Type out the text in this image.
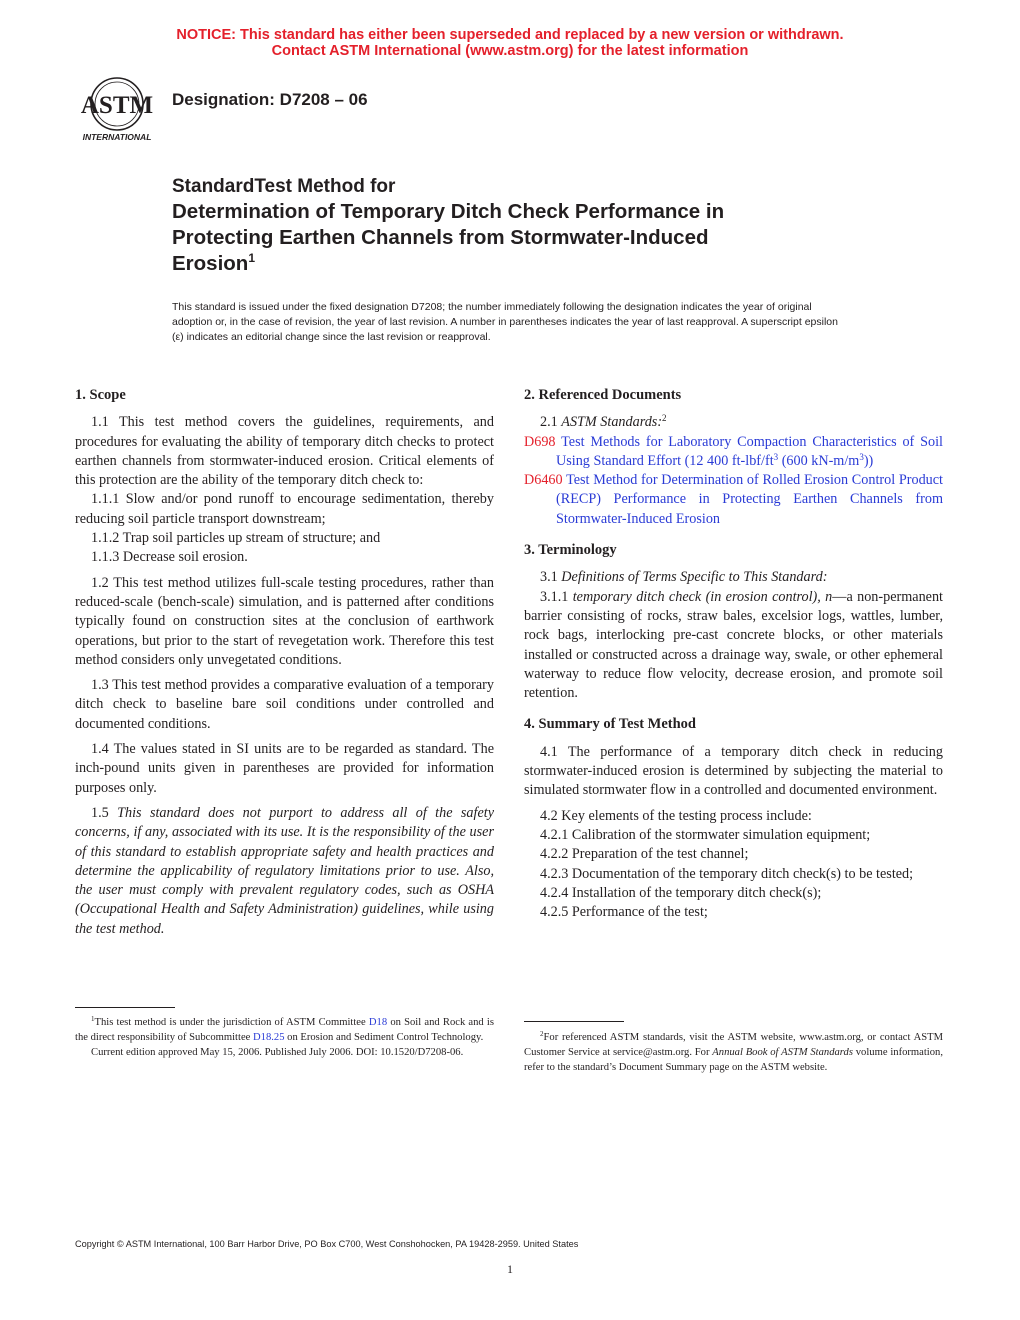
NOTICE: This standard has either been superseded and replaced by a new version or withdrawn.
Contact ASTM International (www.astm.org) for the latest information
ASTM
INTERNATIONAL
Designation: D7208 – 06
StandardTest Method for
Determination of Temporary Ditch Check Performance in
Protecting Earthen Channels from Stormwater-Induced
Erosion$^1$
This standard is issued under the fixed designation D7208; the number immediately following the designation indicates the year of original adoption or, in the case of revision, the year of last revision. A number in parentheses indicates the year of last reapproval. A superscript epsilon (ε) indicates an editorial change since the last revision or reapproval.
1. Scope

1.1 This test method covers the guidelines, requirements, and procedures for evaluating the ability of temporary ditch checks to protect earthen channels from stormwater-induced erosion. Critical elements of this protection are the ability of the temporary ditch check to:

1.1.1 Slow and/or pond runoff to encourage sedimentation, thereby reducing soil particle transport downstream;

1.1.2 Trap soil particles up stream of structure; and

1.1.3 Decrease soil erosion.

1.2 This test method utilizes full-scale testing procedures, rather than reduced-scale (bench-scale) simulation, and is patterned after conditions typically found on construction sites at the conclusion of earthwork operations, but prior to the start of revegetation work. Therefore this test method considers only unvegetated conditions.

1.3 This test method provides a comparative evaluation of a temporary ditch check to baseline bare soil conditions under controlled and documented conditions.

1.4 The values stated in SI units are to be regarded as standard. The inch-pound units given in parentheses are provided for information purposes only.

1.5 This standard does not purport to address all of the safety concerns, if any, associated with its use. It is the responsibility of the user of this standard to establish appropriate safety and health practices and determine the applicability of regulatory limitations prior to use. Also, the user must comply with prevalent regulatory codes, such as OSHA (Occupational Health and Safety Administration) guidelines, while using the test method.

2. Referenced Documents

2.1 ASTM Standards:$^2$

D698 Test Methods for Laboratory Compaction Characteristics of Soil Using Standard Effort (12 400 $ft-lbf/ft^3$ (600 $kN-m/m^3$))

D6460 Test Method for Determination of Rolled Erosion Control Product (RECP) Performance in Protecting Earthen Channels from Stormwater-Induced Erosion

3. Terminology

3.1 Definitions of Terms Specific to This Standard:

3.1.1 temporary ditch check (in erosion control), n—a non-permanent barrier consisting of rocks, straw bales, excelsior logs, wattles, lumber, rock bags, interlocking pre-cast concrete blocks, or other materials installed or constructed across a drainage way, swale, or other ephemeral waterway to reduce flow velocity, decrease erosion, and promote soil retention.

4. Summary of Test Method

4.1 The performance of a temporary ditch check in reducing stormwater-induced erosion is determined by subjecting the material to simulated stormwater flow in a controlled and documented environment.

4.2 Key elements of the testing process include:

4.2.1 Calibration of the stormwater simulation equipment;

4.2.2 Preparation of the test channel;

4.2.3 Documentation of the temporary ditch check(s) to be tested;

4.2.4 Installation of the temporary ditch check(s);

4.2.5 Performance of the test;

$^1$This test method is under the jurisdiction of ASTM Committee D18 on Soil and Rock and is the direct responsibility of Subcommittee D18.25 on Erosion and Sediment Control Technology.

Current edition approved May 15, 2006. Published July 2006. DOI: 10.1520/D7208-06.

$^2$For referenced ASTM standards, visit the ASTM website, www.astm.org, or contact ASTM Customer Service at service@astm.org. For Annual Book of ASTM Standards volume information, refer to the standard’s Document Summary page on the ASTM website.

Copyright © ASTM International, 100 Barr Harbor Drive, PO Box C700, West Conshohocken, PA 19428-2959. United States
1
